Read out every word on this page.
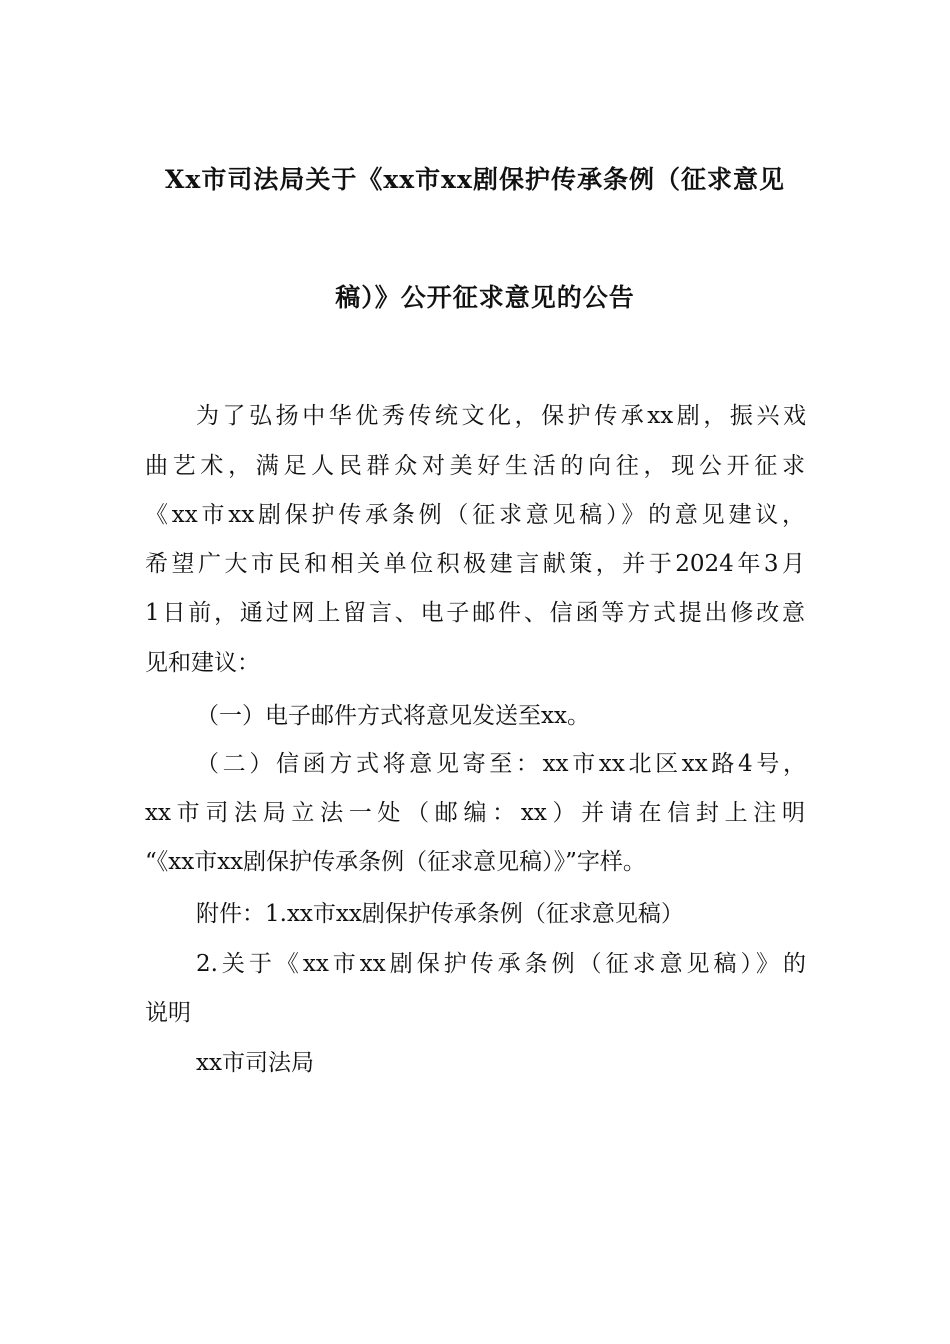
Xx市司法局关于《xx市xx剧保护传承条例（征求意见
稿）》公开征求意见的公告
为了弘扬中华优秀传统文化，保护传承xx剧，振兴戏
曲艺术，满足人民群众对美好生活的向往，现公开征求
《xx市xx剧保护传承条例（征求意见稿）》的意见建议，
希望广大市民和相关单位积极建言献策，并于2024年3月
1日前，通过网上留言、电子邮件、信函等方式提出修改意
见和建议：
（一）电子邮件方式将意见发送至xx。
（二）信函方式将意见寄至：xx市xx北区xx路4号，
xx市司法局立法一处（邮编：xx）并请在信封上注明
“《xx市xx剧保护传承条例（征求意见稿）》”字样。
附件：1.xx市xx剧保护传承条例（征求意见稿）
2.关于《xx市xx剧保护传承条例（征求意见稿）》的
说明
xx市司法局
